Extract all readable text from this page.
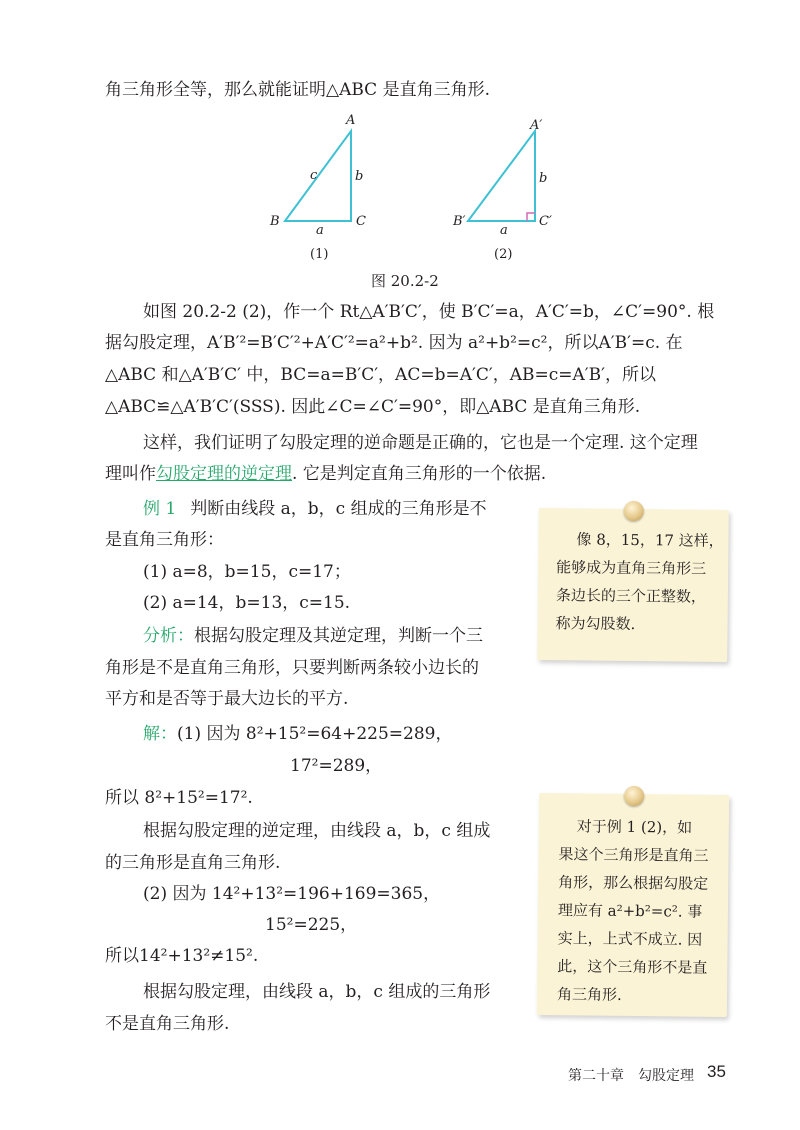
角三角形全等，那么就能证明△ABC 是直角三角形.
A
B	C
c	b
a
A′
B′	C′
b
a
(1)	(2)
图 20.2-2
如图 20.2-2 (2)，作一个 Rt△A′B′C′，使 B′C′=a，A′C′=b，∠C′=90°. 根
据勾股定理，A′B′²=B′C′²+A′C′²=a²+b². 因为 a²+b²=c²，所以A′B′=c. 在
△ABC 和△A′B′C′ 中，BC=a=B′C′，AC=b=A′C′，AB=c=A′B′，所以
△ABC≌△A′B′C′(SSS). 因此∠C=∠C′=90°，即△ABC 是直角三角形.
这样，我们证明了勾股定理的逆命题是正确的，它也是一个定理. 这个定理
理叫作勾股定理的逆定理. 它是判定直角三角形的一个依据.
例 1 判断由线段 a，b，c 组成的三角形是不
是直角三角形：
(1) a=8，b=15，c=17；
(2) a=14，b=13，c=15.
分析：根据勾股定理及其逆定理，判断一个三
角形是不是直角三角形，只要判断两条较小边长的
平方和是否等于最大边长的平方.
解：(1) 因为 8²+15²=64+225=289，
17²=289，
所以 8²+15²=17².
根据勾股定理的逆定理，由线段 a，b，c 组成
的三角形是直角三角形.
(2) 因为 14²+13²=196+169=365，
15²=225，
所以14²+13²≠15².
根据勾股定理，由线段 a，b，c 组成的三角形
不是直角三角形.
像 8，15，17 这样，
能够成为直角三角形三
条边长的三个正整数，
称为勾股数.
对于例 1 (2)，如
果这个三角形是直角三
角形，那么根据勾股定
理应有 a²+b²=c². 事
实上，上式不成立. 因
此，这个三角形不是直
角三角形.
第二十章　勾股定理 35
